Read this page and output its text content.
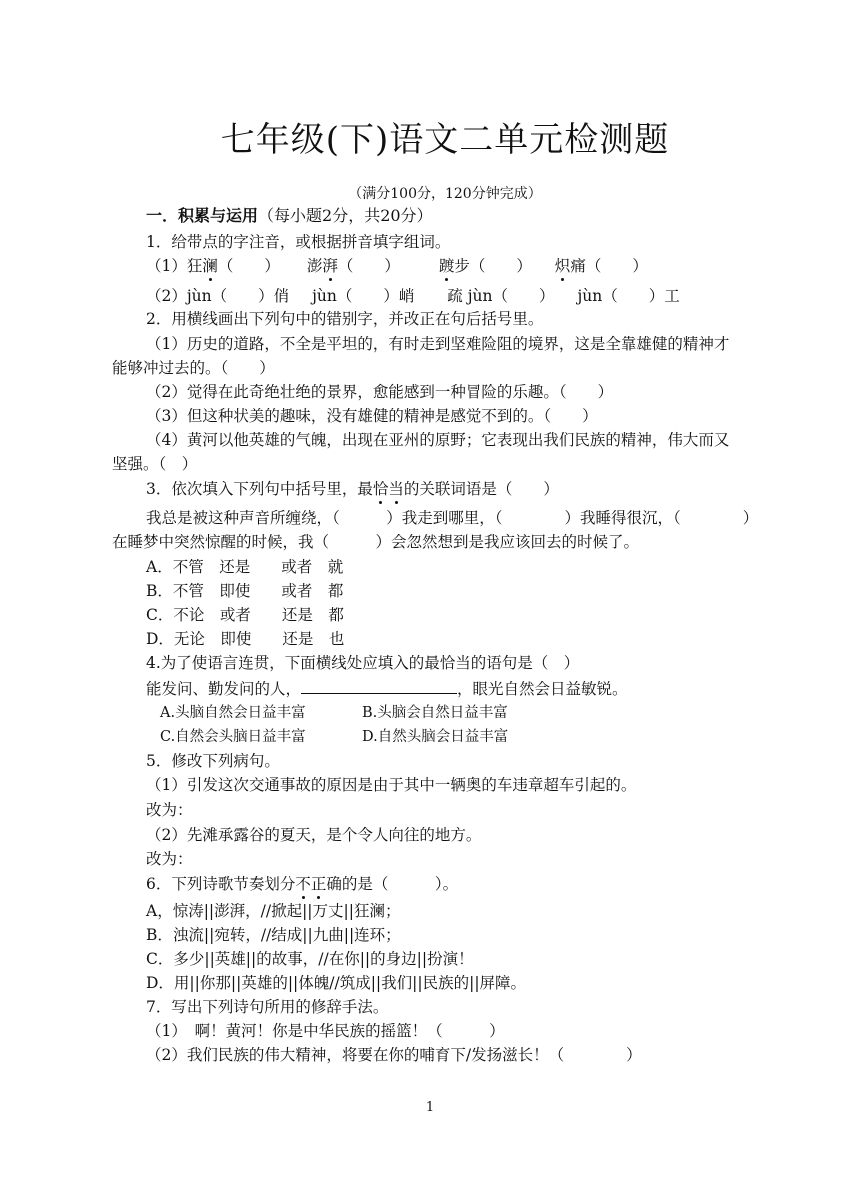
七年级(下)语文二单元检测题
（满分100分，120分钟完成）
一．积累与运用（每小题2分，共20分）
1．给带点的字注音，或根据拼音填字组词。
（1）狂澜（　　） 澎湃（　　）	踱步（　　） 炽痛（　　）
（2）jùn（　　）俏 jùn（　　）峭 疏 jùn（　　） jùn（　　）工
2．用横线画出下列句中的错别字，并改正在句后括号里。
（1）历史的道路，不全是平坦的，有时走到坚难险阻的境界，这是全靠雄健的精神才
能够冲过去的。（　　）
（2）觉得在此奇绝壮绝的景界，愈能感到一种冒险的乐趣。（　　）
（3）但这种状美的趣味，没有雄健的精神是感觉不到的。（　　）
（4）黄河以他英雄的气魄，出现在亚州的原野；它表现出我们民族的精神，伟大而又
坚强。（　）
3．依次填入下列句中括号里，最恰当的关联词语是（　　）
我总是被这种声音所缠绕，（　　　）我走到哪里，（　　　　）我睡得很沉，（　　　　）
在睡梦中突然惊醒的时候，我（　　　）会忽然想到是我应该回去的时候了。
A．不管　还是　　或者　就
B．不管　即使　　或者　都
C．不论　或者　　还是　都
D．无论　即使　　还是　也
4.为了使语言连贯，下面横线处应填入的最恰当的语句是（　）
能发问、勤发问的人，	，眼光自然会日益敏锐。
A.头脑自然会日益丰富	B.头脑会自然日益丰富
C.自然会头脑日益丰富	D.自然头脑会日益丰富
5．修改下列病句。
（1）引发这次交通事故的原因是由于其中一辆奥的车违章超车引起的。
改为：
（2）先滩承露谷的夏天，是个令人向往的地方。
改为：
6．下列诗歌节奏划分不正确的是（　　　）。
A，惊涛||澎湃，//掀起||万丈||狂澜；
B．浊流||宛转，//结成||九曲||连环；
C．多少||英雄||的故事，//在你||的身边||扮演！
D．用||你那||英雄的||体魄//筑成||我们||民族的||屏障。
7．写出下列诗句所用的修辞手法。
（1）　啊！黄河！你是中华民族的摇篮！（　　　）
（2）我们民族的伟大精神，将要在你的哺育下/发扬滋长！（　　　　）
1
